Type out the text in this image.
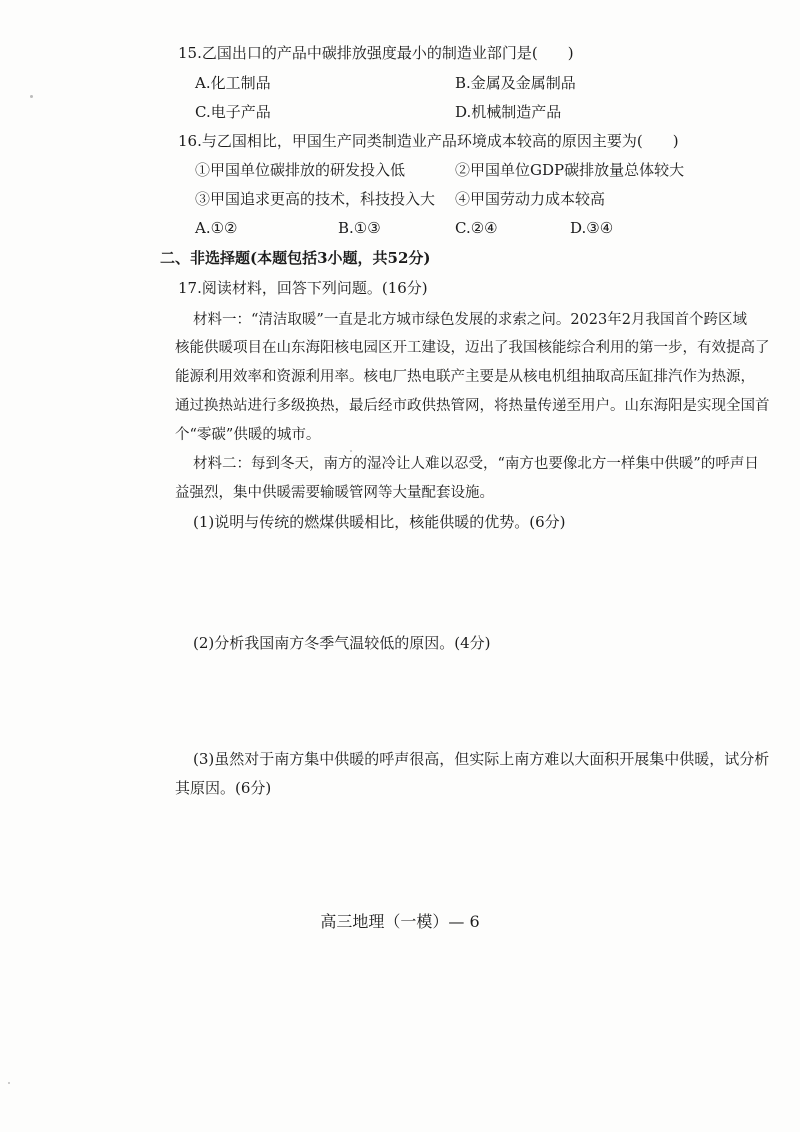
15.乙国出口的产品中碳排放强度最小的制造业部门是(　　)
A.化工制品	B.金属及金属制品
C.电子产品	D.机械制造产品
16.与乙国相比，甲国生产同类制造业产品环境成本较高的原因主要为(　　)
①甲国单位碳排放的研发投入低	②甲国单位GDP碳排放量总体较大
③甲国追求更高的技术，科技投入大 ④甲国劳动力成本较高
A.①②	B.①③	C.②④	D.③④
二、非选择题(本题包括3小题，共52分)
17.阅读材料，回答下列问题。(16分)
材料一：“清洁取暖”一直是北方城市绿色发展的求索之问。2023年2月我国首个跨区域
核能供暖项目在山东海阳核电园区开工建设，迈出了我国核能综合利用的第一步，有效提高了
能源利用效率和资源利用率。核电厂热电联产主要是从核电机组抽取高压缸排汽作为热源，
通过换热站进行多级换热，最后经市政供热管网，将热量传递至用户。山东海阳是实现全国首
个“零碳”供暖的城市。
材料二：每到冬天，南方的湿冷让人难以忍受，“南方也要像北方一样集中供暖”的呼声日
益强烈，集中供暖需要输暖管网等大量配套设施。
(1)说明与传统的燃煤供暖相比，核能供暖的优势。(6分)
(2)分析我国南方冬季气温较低的原因。(4分)
(3)虽然对于南方集中供暖的呼声很高，但实际上南方难以大面积开展集中供暖，试分析
其原因。(6分)
高三地理（一模）— 6
